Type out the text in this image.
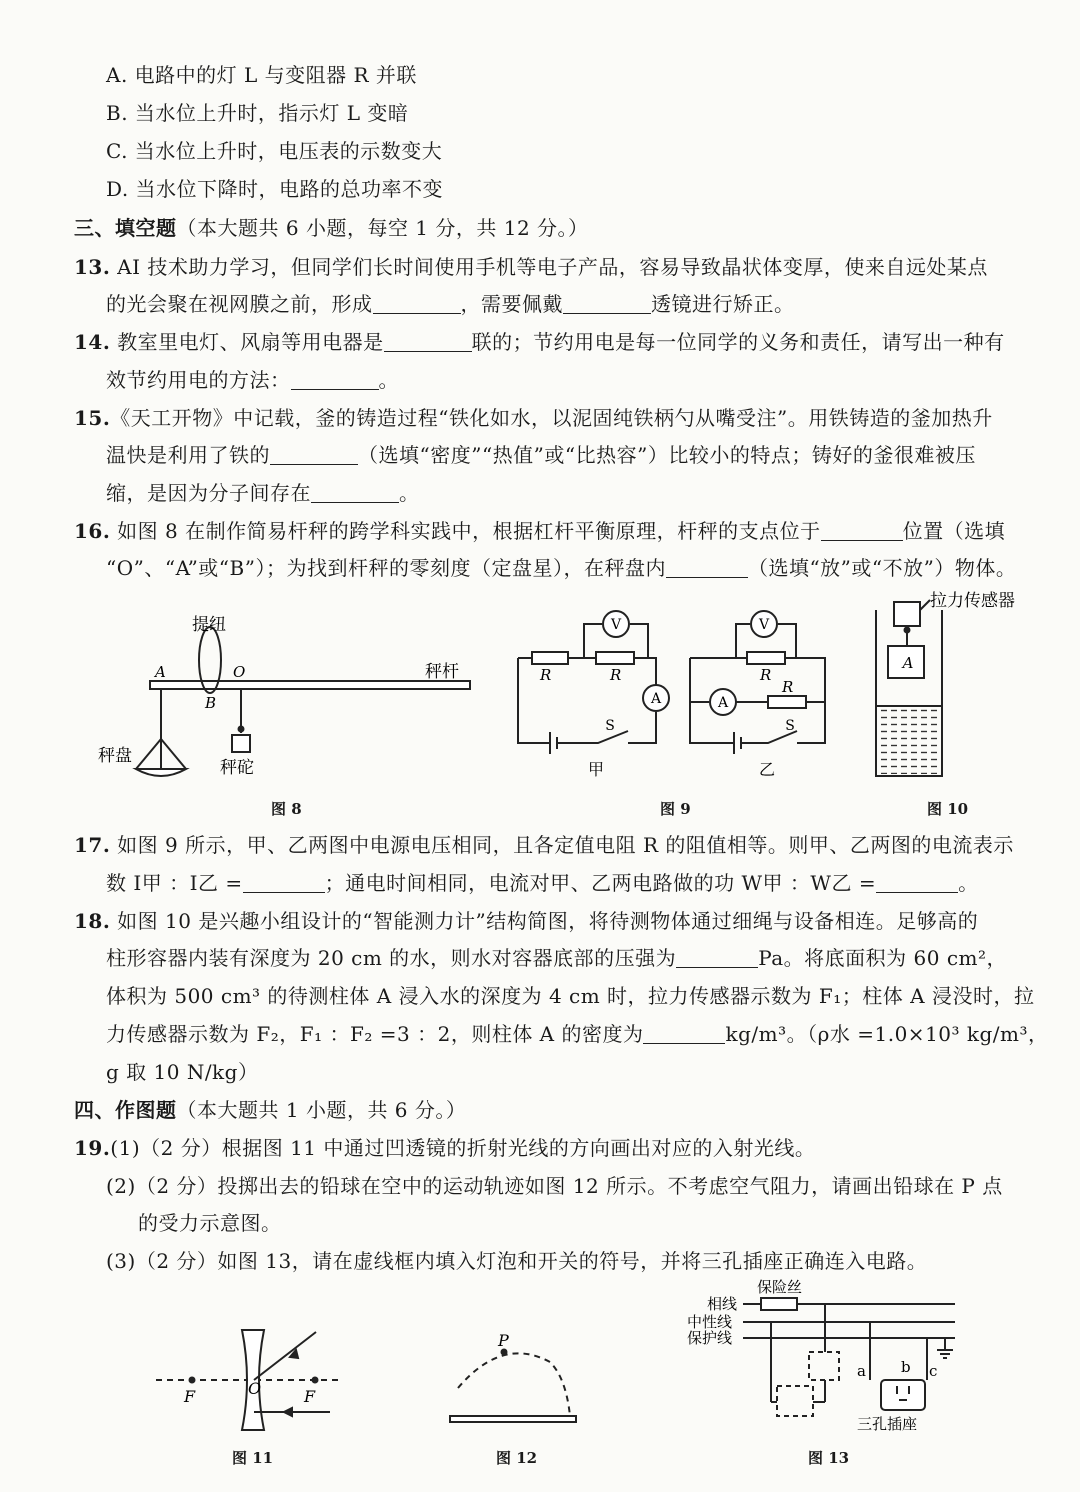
A. 电路中的灯 L 与变阻器 R 并联
B. 当水位上升时，指示灯 L 变暗
C. 当水位上升时，电压表的示数变大
D. 当水位下降时，电路的总功率不变
三、填空题（本大题共 6 小题，每空 1 分，共 12 分。）
13. AI 技术助力学习，但同学们长时间使用手机等电子产品，容易导致晶状体变厚，使来自远处某点
的光会聚在视网膜之前，形成	，需要佩戴	透镜进行矫正。
14. 教室里电灯、风扇等用电器是	联的；节约用电是每一位同学的义务和责任，请写出一种有
效节约用电的方法：	。
15.《天工开物》中记载，釜的铸造过程“铁化如水，以泥固纯铁柄勺从嘴受注”。用铁铸造的釜加热升
温快是利用了铁的	（选填“密度”“热值”或“比热容”）比较小的特点；铸好的釜很难被压
缩，是因为分子间存在	。
16. 如图 8 在制作简易杆秤的跨学科实践中，根据杠杆平衡原理，杆秤的支点位于	位置（选填
“O”、“A”或“B”）；为找到杆秤的零刻度（定盘星），在秤盘内	（选填“放”或“不放”）物体。
提纽
秤杆
秤盘
秤砣
A
B
O
图 8
R	R	R
R
V
A
V
A
S	S
甲	乙
图 9
A
拉力传感器
图 10
17. 如图 9 所示，甲、乙两图中电源电压相同，且各定值电阻 R 的阻值相等。则甲、乙两图的电流表示
数 I甲 ：I乙 =	；通电时间相同，电流对甲、乙两电路做的功 W甲 ：W乙 =	。
18. 如图 10 是兴趣小组设计的“智能测力计”结构简图，将待测物体通过细绳与设备相连。足够高的
柱形容器内装有深度为 20 cm 的水，则水对容器底部的压强为	Pa。将底面积为 60 cm²，
体积为 500 cm³ 的待测柱体 A 浸入水的深度为 4 cm 时，拉力传感器示数为 F₁；柱体 A 浸没时，拉
力传感器示数为 F₂，F₁ ：F₂ =3 ：2，则柱体 A 的密度为	kg/m³。（ρ水 =1.0×10³ kg/m³，
g 取 10 N/kg）
四、作图题（本大题共 1 小题，共 6 分。）
19.(1)（2 分）根据图 11 中通过凹透镜的折射光线的方向画出对应的入射光线。
(2)（2 分）投掷出去的铅球在空中的运动轨迹如图 12 所示。不考虑空气阻力，请画出铅球在 P 点
的受力示意图。
(3)（2 分）如图 13，请在虚线框内填入灯泡和开关的符号，并将三孔插座正确连入电路。
F	O	F
图 11
P
图 12
保险丝
相线
中性线
保护线
a b c
三孔插座
图 13
